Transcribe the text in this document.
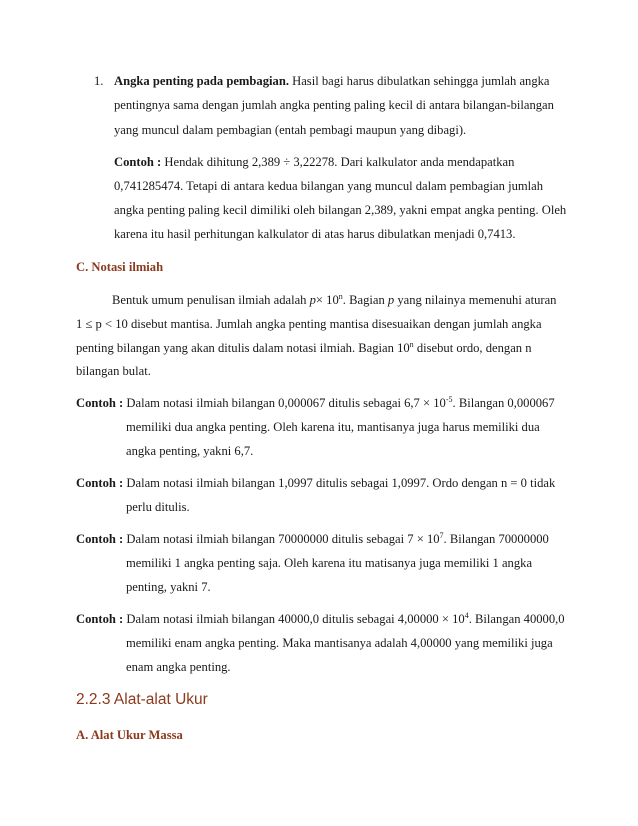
1. Angka penting pada pembagian. Hasil bagi harus dibulatkan sehingga jumlah angka
pentingnya sama dengan jumlah angka penting paling kecil di antara bilangan-bilangan
yang muncul dalam pembagian (entah pembagi maupun yang dibagi).
Contoh : Hendak dihitung 2,389 ÷ 3,22278. Dari kalkulator anda mendapatkan
0,741285474. Tetapi di antara kedua bilangan yang muncul dalam pembagian jumlah
angka penting paling kecil dimiliki oleh bilangan 2,389, yakni empat angka penting. Oleh
karena itu hasil perhitungan kalkulator di atas harus dibulatkan menjadi 0,7413.
C. Notasi ilmiah
Bentuk umum penulisan ilmiah adalah $p\times 10^n$. Bagian p yang nilainya memenuhi aturan
1 ≤ p < 10 disebut mantisa. Jumlah angka penting mantisa disesuaikan dengan jumlah angka
penting bilangan yang akan ditulis dalam notasi ilmiah. Bagian 10$^n$ disebut ordo, dengan n
bilangan bulat.
Contoh : Dalam notasi ilmiah bilangan 0,000067 ditulis sebagai $6,7 \times 10^{-5}$. Bilangan 0,000067
memiliki dua angka penting. Oleh karena itu, mantisanya juga harus memiliki dua
angka penting, yakni 6,7.
Contoh : Dalam notasi ilmiah bilangan 1,0997 ditulis sebagai 1,0997. Ordo dengan n = 0 tidak
perlu ditulis.
Contoh : Dalam notasi ilmiah bilangan 70000000 ditulis sebagai $7 \times 10^7$. Bilangan 70000000
memiliki 1 angka penting saja. Oleh karena itu matisanya juga memiliki 1 angka
penting, yakni 7.
Contoh : Dalam notasi ilmiah bilangan 40000,0 ditulis sebagai $4,00000 \times 10^4$. Bilangan 40000,0
memiliki enam angka penting. Maka mantisanya adalah 4,00000 yang memiliki juga
enam angka penting.
2.2.3 Alat-alat Ukur
A. Alat Ukur Massa
